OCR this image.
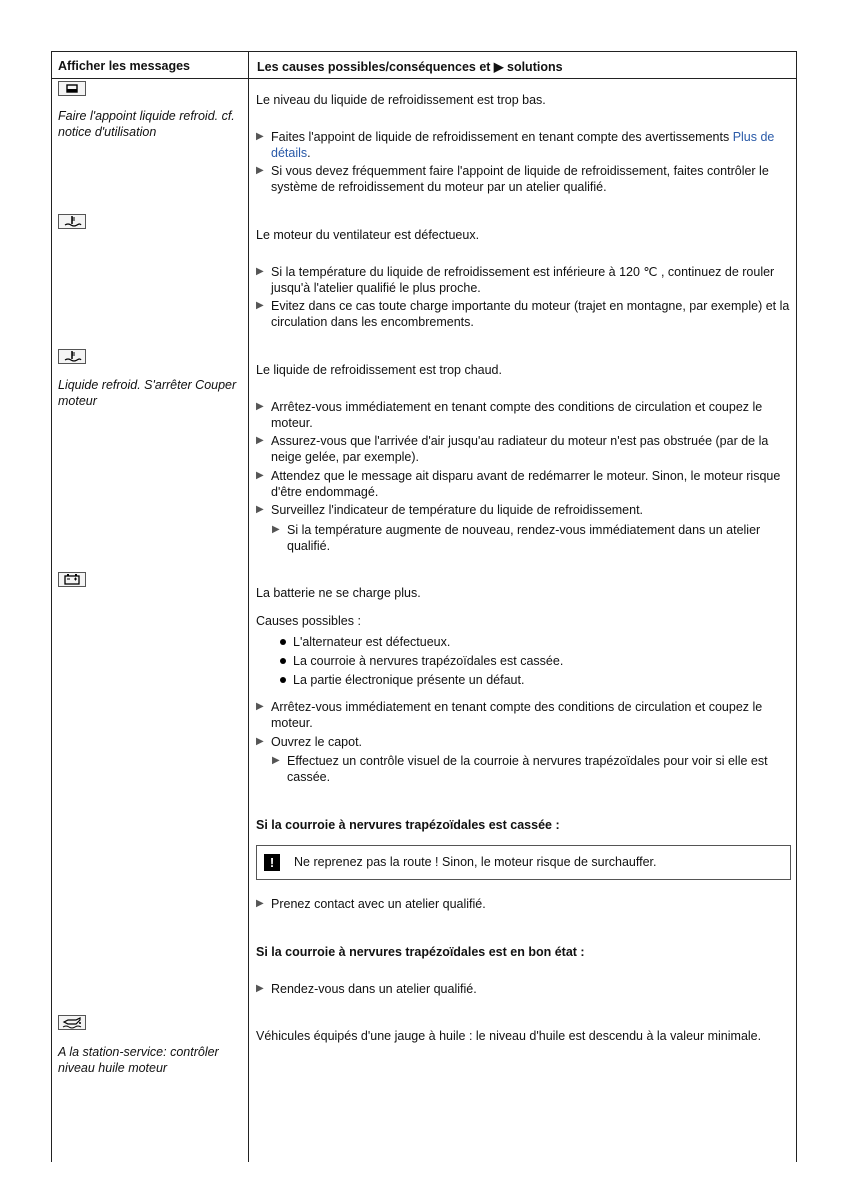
Afficher les messages	Les causes possibles/conséquences et ▶ solutions
Faire l'appoint liquide refroid. cf. notice d'utilisation
Le niveau du liquide de refroidissement est trop bas.
▶ Faites l'appoint de liquide de refroidissement en tenant compte des avertissements Plus de détails.
▶ Si vous devez fréquemment faire l'appoint de liquide de refroidissement, faites contrôler le système de refroidissement du moteur par un atelier qualifié.
Le moteur du ventilateur est défectueux.
▶ Si la température du liquide de refroidissement est inférieure à 120 ℃ , continuez de rouler jusqu'à l'atelier qualifié le plus proche.
▶ Evitez dans ce cas toute charge importante du moteur (trajet en montagne, par exemple) et la circulation dans les encombrements.
Liquide refroid. S'arrêter Couper moteur
Le liquide de refroidissement est trop chaud.
▶ Arrêtez-vous immédiatement en tenant compte des conditions de circulation et coupez le moteur.
▶ Assurez-vous que l'arrivée d'air jusqu'au radiateur du moteur n'est pas obstruée (par de la neige gelée, par exemple).
▶ Attendez que le message ait disparu avant de redémarrer le moteur. Sinon, le moteur risque d'être endommagé.
▶ Surveillez l'indicateur de température du liquide de refroidissement.
▶ Si la température augmente de nouveau, rendez-vous immédiatement dans un atelier qualifié.
La batterie ne se charge plus.
Causes possibles :
L'alternateur est défectueux.
La courroie à nervures trapézoïdales est cassée.
La partie électronique présente un défaut.
▶ Arrêtez-vous immédiatement en tenant compte des conditions de circulation et coupez le moteur.
▶ Ouvrez le capot.
▶ Effectuez un contrôle visuel de la courroie à nervures trapézoïdales pour voir si elle est cassée.
Si la courroie à nervures trapézoïdales est cassée :
!	Ne reprenez pas la route ! Sinon, le moteur risque de surchauffer.
▶ Prenez contact avec un atelier qualifié.
Si la courroie à nervures trapézoïdales est en bon état :
▶ Rendez-vous dans un atelier qualifié.
A la station-service: contrôler niveau huile moteur
Véhicules équipés d'une jauge à huile : le niveau d'huile est descendu à la valeur minimale.
